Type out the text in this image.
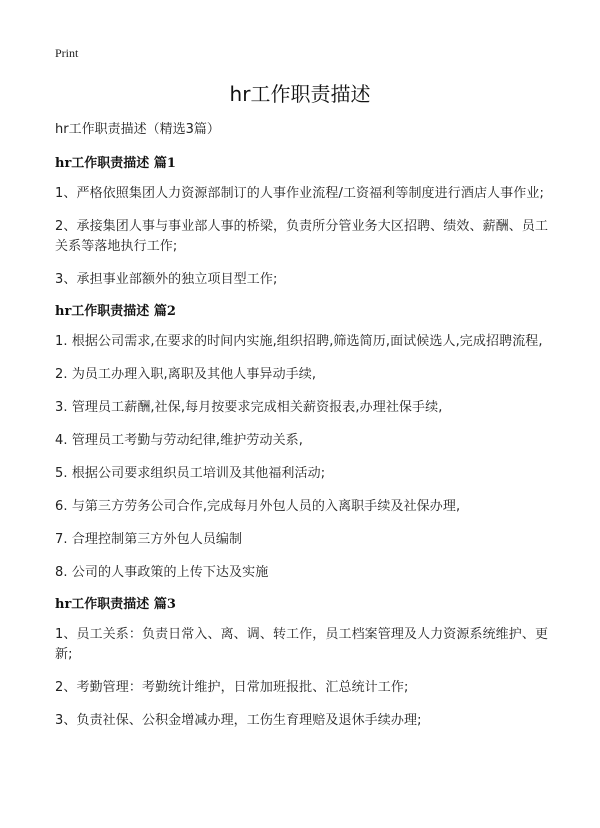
Print
hr工作职责描述
hr工作职责描述（精选3篇）
hr工作职责描述 篇1
1、严格依照集团人力资源部制订的人事作业流程/工资福利等制度进行酒店人事作业;
2、承接集团人事与事业部人事的桥梁，负责所分管业务大区招聘、绩效、薪酬、员工关系等落地执行工作;
3、承担事业部额外的独立项目型工作;
hr工作职责描述 篇2
1. 根据公司需求,在要求的时间内实施,组织招聘,筛选简历,面试候选人,完成招聘流程,
2. 为员工办理入职,离职及其他人事异动手续,
3. 管理员工薪酬,社保,每月按要求完成相关薪资报表,办理社保手续,
4. 管理员工考勤与劳动纪律,维护劳动关系,
5. 根据公司要求组织员工培训及其他福利活动;
6. 与第三方劳务公司合作,完成每月外包人员的入离职手续及社保办理,
7. 合理控制第三方外包人员编制
8. 公司的人事政策的上传下达及实施
hr工作职责描述 篇3
1、员工关系：负责日常入、离、调、转工作，员工档案管理及人力资源系统维护、更新;
2、考勤管理：考勤统计维护，日常加班报批、汇总统计工作;
3、负责社保、公积金增减办理，工伤生育理赔及退休手续办理;
